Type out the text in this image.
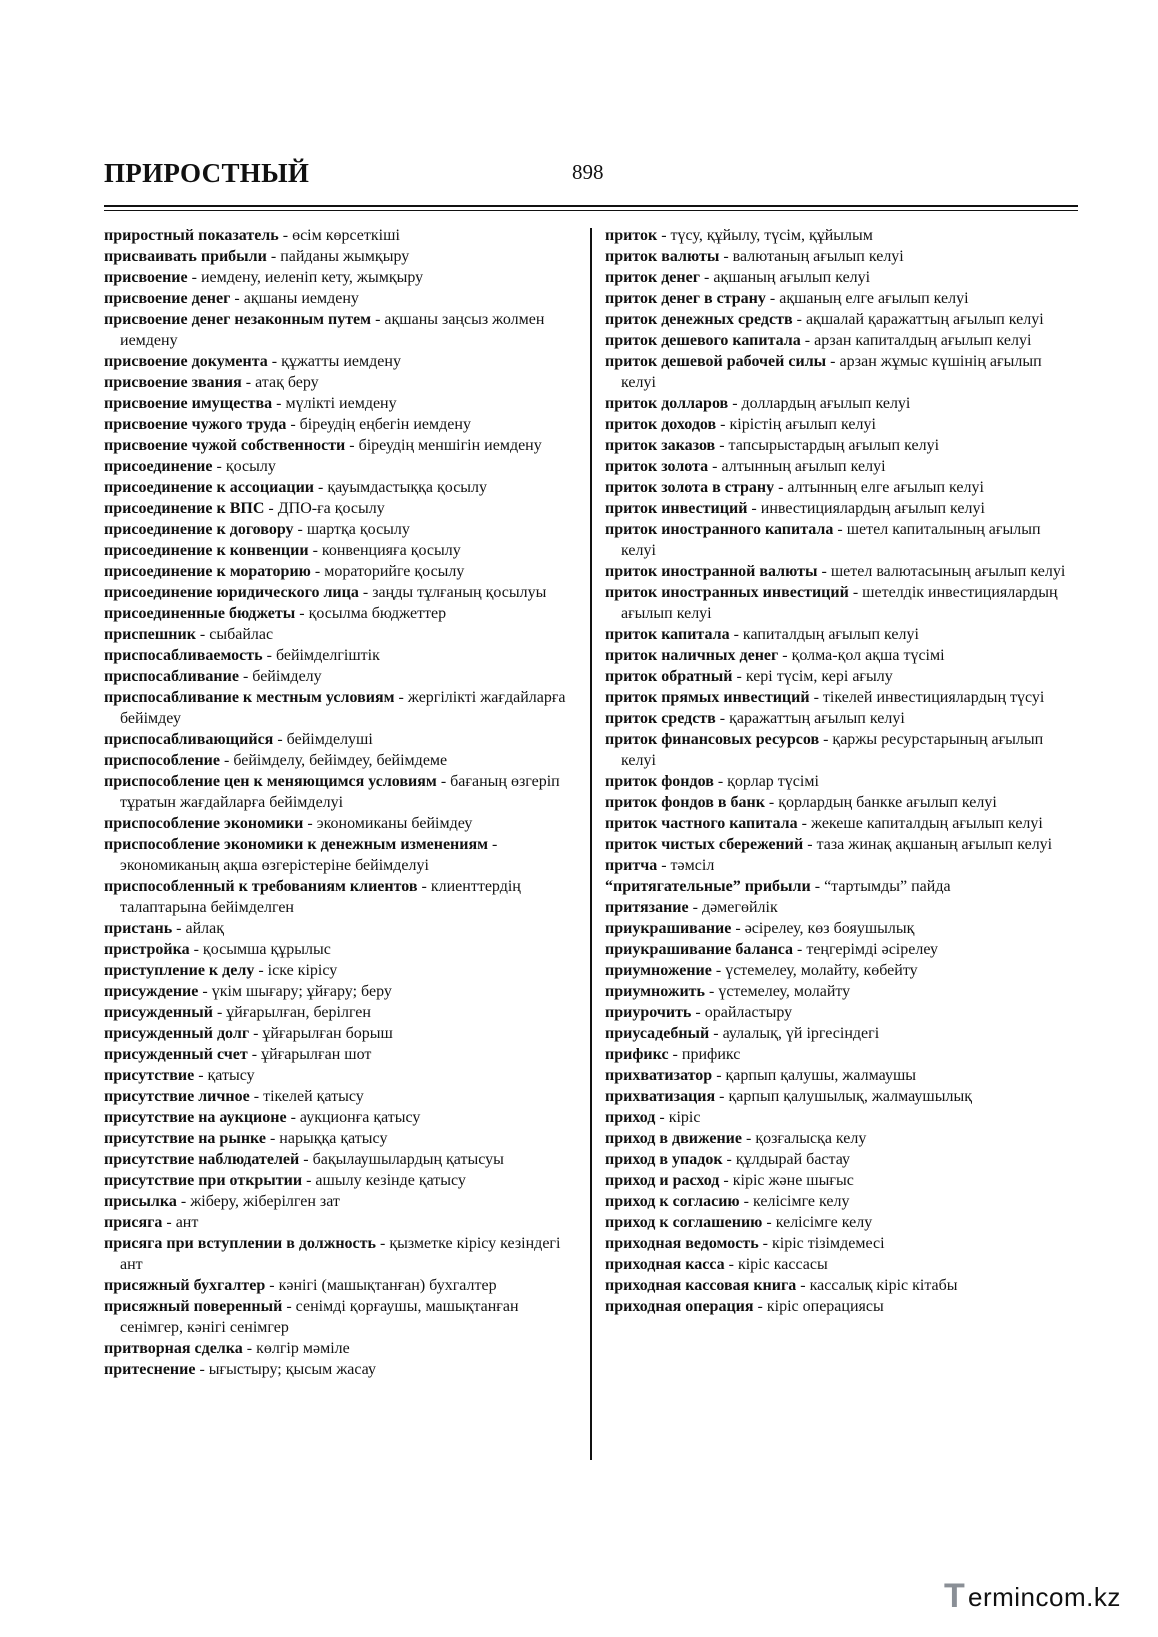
ПРИРОСТНЫЙ	898

приростный показатель - өсім көрсеткіші

присваивать прибыли - пайданы жымқыру

присвоение - иемдену, иеленіп кету, жымқыру

присвоение денег - ақшаны иемдену

присвоение денег незаконным путем - ақшаны заңсыз жолмен иемдену

присвоение документа - құжатты иемдену

присвоение звания - атақ беру

присвоение имущества - мүлікті иемдену

присвоение чужого труда - біреудің еңбегін иемдену

присвоение чужой собственности - біреудің меншігін иемдену

присоединение - қосылу

присоединение к ассоциации - қауымдастыққа қосылу

присоединение к ВПС - ДПО-ға қосылу

присоединение к договору - шартқа қосылу

присоединение к конвенции - конвенцияға қосылу

присоединение к мораторию - мораторийге қосылу

присоединение юридического лица - заңды тұлғаның қосылуы

присоединенные бюджеты - қосылма бюджеттер

приспешник - сыбайлас

приспосабливаемость - бейімделгіштік

приспосабливание - бейімделу

приспосабливание к местным условиям - жергілікті жағдайларға бейімдеу

приспосабливающийся - бейімделуші

приспособление - бейімделу, бейімдеу, бейімдеме

приспособление цен к меняющимся условиям - бағаның өзгеріп тұратын жағдайларға бейімделуі

приспособление экономики - экономиканы бейімдеу

приспособление экономики к денежным изменениям - экономиканың ақша өзгерістеріне бейімделуі

приспособленный к требованиям клиентов - клиенттердің талаптарына бейімделген

пристань - айлақ

пристройка - қосымша құрылыс

приступление к делу - іске кірісу

присуждение - үкім шығару; ұйғару; беру

присужденный - ұйғарылған, берілген

присужденный долг - ұйғарылған борыш

присужденный счет - ұйғарылған шот

присутствие - қатысу

присутствие личное - тікелей қатысу

присутствие на аукционе - аукционға қатысу

присутствие на рынке - нарыққа қатысу

присутствие наблюдателей - бақылаушылардың қатысуы

присутствие при открытии - ашылу кезінде қатысу

присылка - жіберу, жіберілген зат

присяга - ант

присяга при вступлении в должность - қызметке кірісу кезіндегі ант

присяжный бухгалтер - кәнігі (машықтанған) бухгалтер

присяжный поверенный - сенімді қорғаушы, машықтанған сенімгер, кәнігі сенімгер

притворная сделка - көлгір мәміле

притеснение - ығыстыру; қысым жасау

приток - түсу, құйылу, түсім, құйылым

приток валюты - валютаның ағылып келуі

приток денег - ақшаның ағылып келуі

приток денег в страну - ақшаның елге ағылып келуі

приток денежных средств - ақшалай қаражаттың ағылып келуі

приток дешевого капитала - арзан капиталдың ағылып келуі

приток дешевой рабочей силы - арзан жұмыс күшінің ағылып келуі

приток долларов - доллардың ағылып келуі

приток доходов - кірістің ағылып келуі

приток заказов - тапсырыстардың ағылып келуі

приток золота - алтынның ағылып келуі

приток золота в страну - алтынның елге ағылып келуі

приток инвестиций - инвестициялардың ағылып келуі

приток иностранного капитала - шетел капиталының ағылып келуі

приток иностранной валюты - шетел валютасының ағылып келуі

приток иностранных инвестиций - шетелдік инвестициялардың ағылып келуі

приток капитала - капиталдың ағылып келуі

приток наличных денег - қолма-қол ақша түсімі

приток обратный - кері түсім, кері ағылу

приток прямых инвестиций - тікелей инвестициялардың түсуі

приток средств - қаражаттың ағылып келуі

приток финансовых ресурсов - қаржы ресурстарының ағылып келуі

приток фондов - қорлар түсімі

приток фондов в банк - қорлардың банкке ағылып келуі

приток частного капитала - жекеше капиталдың ағылып келуі

приток чистых сбережений - таза жинақ ақшаның ағылып келуі

притча - тәмсіл

“притягательные” прибыли - “тартымды” пайда

притязание - дәмегөйлік

приукрашивание - әсірелеу, көз бояушылық

приукрашивание баланса - теңгерімді әсірелеу

приумножение - үстемелеу, молайту, көбейту

приумножить - үстемелеу, молайту

приурочить - орайластыру

приусадебный - аулалық, үй іргесіндегі

прификс - прификс

прихватизатор - қарпып қалушы, жалмаушы

прихватизация - қарпып қалушылық, жалмаушылық

приход - кіріс

приход в движение - қозғалысқа келу

приход в упадок - құлдырай бастау

приход и расход - кіріс және шығыс

приход к согласию - келісімге келу

приход к соглашению - келісімге келу

приходная ведомость - кіріс тізімдемесі

приходная касса - кіріс кассасы

приходная кассовая книга - кассалық кіріс кітабы

приходная операция - кіріс операциясы

T ermincom.kz
